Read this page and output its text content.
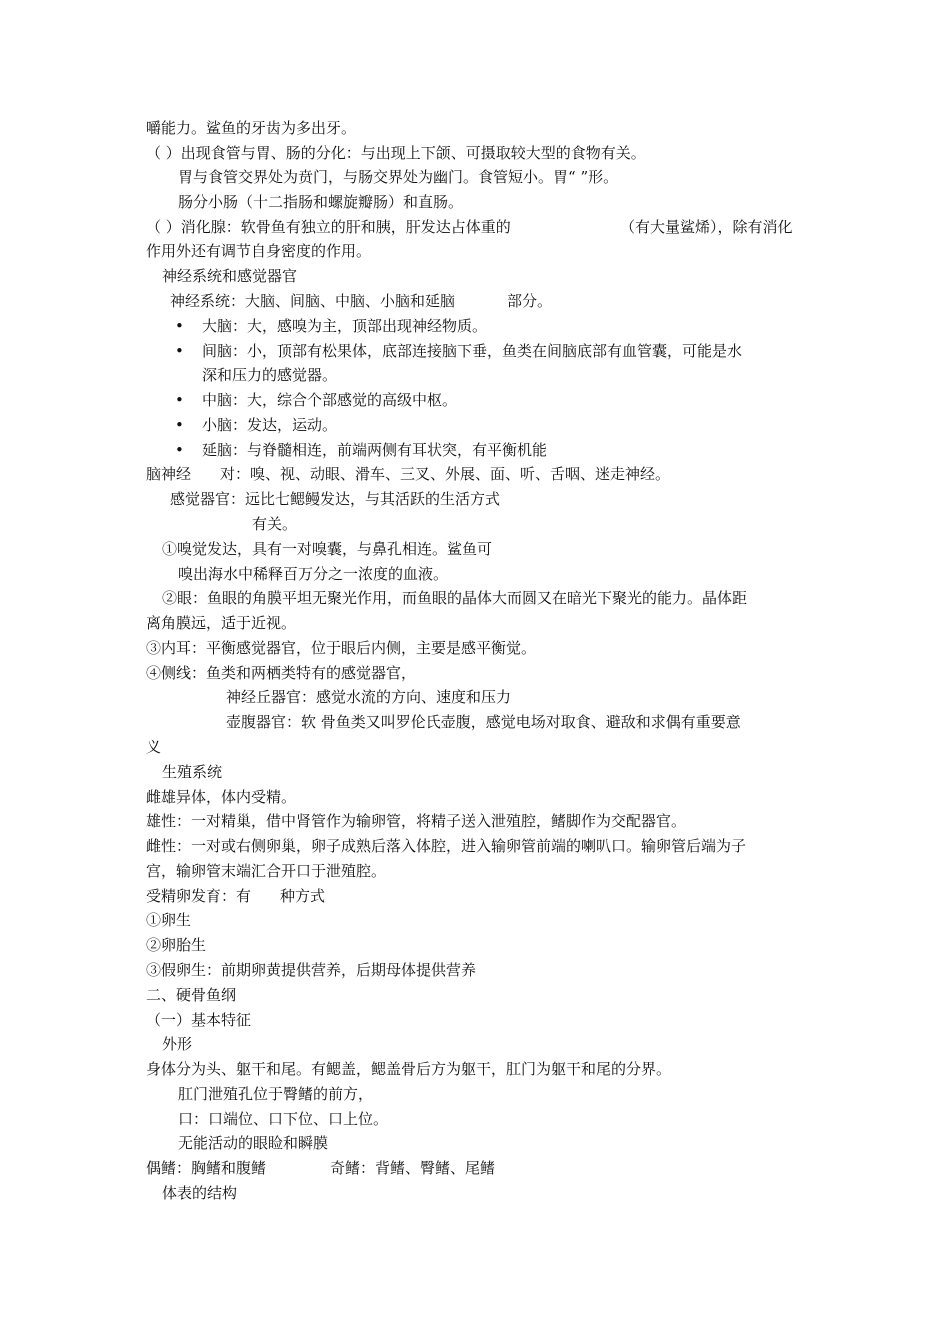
嚼能力。鲨鱼的牙齿为多出牙。
（ ）出现食管与胃、肠的分化：与出现上下颌、可摄取较大型的食物有关。
胃与食管交界处为贲门，与肠交界处为幽门。食管短小。胃“ ”形。
肠分小肠（十二指肠和螺旋瓣肠）和直肠。
（ ）消化腺：软骨鱼有独立的肝和胰，肝发达占体重的	（有大量鲨烯），除有消化
作用外还有调节自身密度的作用。
神经系统和感觉器官
神经系统：大脑、间脑、中脑、小脑和延脑	部分。
• 大脑：大，感嗅为主，顶部出现神经物质。
• 间脑：小，顶部有松果体，底部连接脑下垂，鱼类在间脑底部有血管囊，可能是水
深和压力的感觉器。
• 中脑：大，综合个部感觉的高级中枢。
• 小脑：发达，运动。
• 延脑：与脊髓相连，前端两侧有耳状突，有平衡机能
脑神经 对：嗅、视、动眼、滑车、三叉、外展、面、听、舌咽、迷走神经。
感觉器官：远比七鳃鳗发达，与其活跃的生活方式
有关。
①嗅觉发达，具有一对嗅囊，与鼻孔相连。鲨鱼可
嗅出海水中稀释百万分之一浓度的血液。
②眼：鱼眼的角膜平坦无聚光作用，而鱼眼的晶体大而圆又在暗光下聚光的能力。晶体距
离角膜远，适于近视。
③内耳：平衡感觉器官，位于眼后内侧，主要是感平衡觉。
④侧线：鱼类和两栖类特有的感觉器官，
神经丘器官：感觉水流的方向、速度和压力
壶腹器官：软 骨鱼类又叫罗伦氏壶腹，感觉电场对取食、避敌和求偶有重要意
义
生殖系统
雌雄异体，体内受精。
雄性：一对精巢，借中肾管作为输卵管，将精子送入泄殖腔，鳍脚作为交配器官。
雌性：一对或右侧卵巢，卵子成熟后落入体腔，进入输卵管前端的喇叭口。输卵管后端为子
宫，输卵管末端汇合开口于泄殖腔。
受精卵发育：有 种方式
①卵生
②卵胎生
③假卵生：前期卵黄提供营养，后期母体提供营养
二、硬骨鱼纲
（一）基本特征
外形
身体分为头、躯干和尾。有鳃盖，鳃盖骨后方为躯干，肛门为躯干和尾的分界。
肛门泄殖孔位于臀鳍的前方，
口：口端位、口下位、口上位。
无能活动的眼睑和瞬膜
偶鳍：胸鳍和腹鳍	奇鳍：背鳍、臀鳍、尾鳍
体表的结构
